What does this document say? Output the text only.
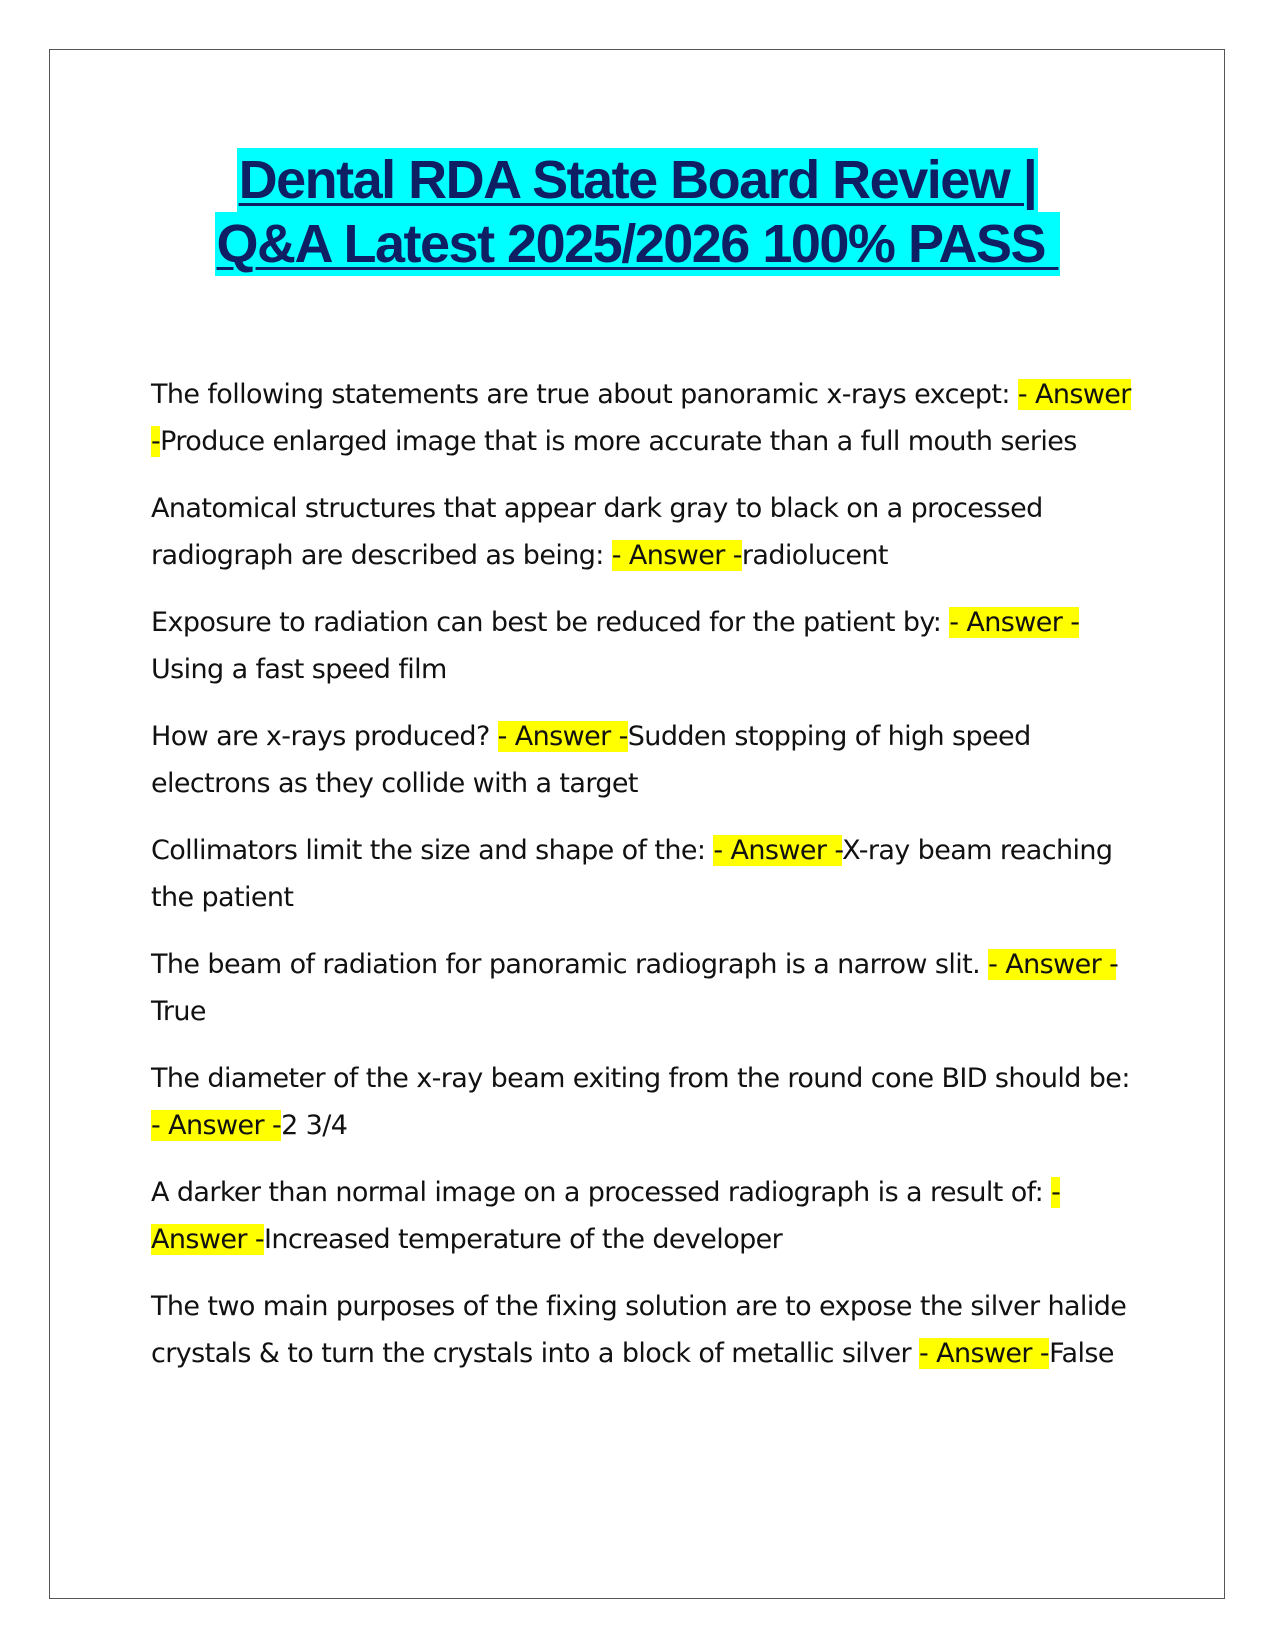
Dental RDA State Board Review |
Q&A Latest 2025/2026 100% PASS

The following statements are true about panoramic x-rays except: - Answer -Produce enlarged image that is more accurate than a full mouth series

Anatomical structures that appear dark gray to black on a processed radiograph are described as being: - Answer -radiolucent

Exposure to radiation can best be reduced for the patient by: - Answer -Using a fast speed film

How are x-rays produced? - Answer -Sudden stopping of high speed electrons as they collide with a target

Collimators limit the size and shape of the: - Answer -X-ray beam reaching the patient

The beam of radiation for panoramic radiograph is a narrow slit. - Answer -True

The diameter of the x-ray beam exiting from the round cone BID should be: - Answer -2 3/4

A darker than normal image on a processed radiograph is a result of: - Answer -Increased temperature of the developer

The two main purposes of the fixing solution are to expose the silver halide crystals & to turn the crystals into a block of metallic silver - Answer -False
